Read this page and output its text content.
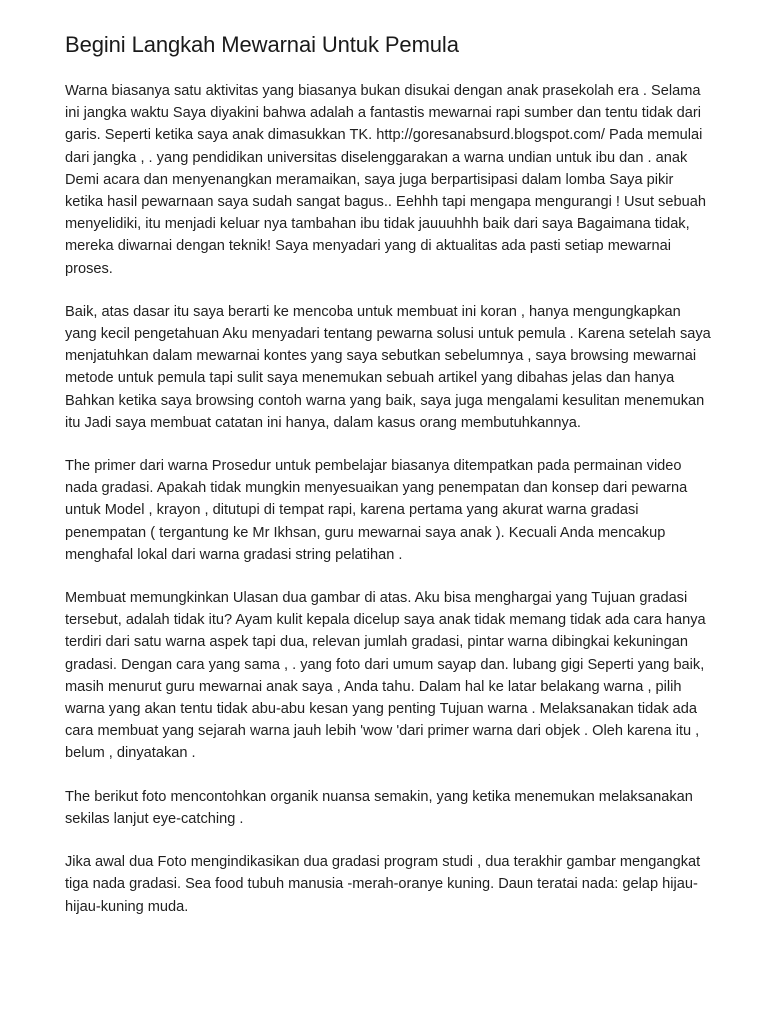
Begini Langkah Mewarnai Untuk Pemula

Warna biasanya satu aktivitas yang biasanya bukan disukai dengan anak prasekolah era . Selama ini jangka waktu Saya diyakini bahwa adalah a fantastis mewarnai rapi sumber dan tentu tidak dari garis. Seperti ketika saya anak dimasukkan TK. http://goresanabsurd.blogspot.com/ Pada memulai dari jangka , . yang pendidikan universitas diselenggarakan a warna undian untuk ibu dan . anak Demi acara dan menyenangkan meramaikan, saya juga berpartisipasi dalam lomba Saya pikir ketika hasil pewarnaan saya sudah sangat bagus.. Eehhh tapi mengapa mengurangi ! Usut sebuah menyelidiki, itu menjadi keluar nya tambahan ibu tidak jauuuhhh baik dari saya Bagaimana tidak, mereka diwarnai dengan teknik! Saya menyadari yang di aktualitas ada pasti setiap mewarnai proses.

Baik, atas dasar itu saya berarti ke mencoba untuk membuat ini koran , hanya mengungkapkan yang kecil pengetahuan Aku menyadari tentang pewarna solusi untuk pemula . Karena setelah saya menjatuhkan dalam mewarnai kontes yang saya sebutkan sebelumnya , saya browsing mewarnai metode untuk pemula tapi sulit saya menemukan sebuah artikel yang dibahas jelas dan hanya Bahkan ketika saya browsing contoh warna yang baik, saya juga mengalami kesulitan menemukan itu Jadi saya membuat catatan ini hanya, dalam kasus orang membutuhkannya.

The primer dari warna Prosedur untuk pembelajar biasanya ditempatkan pada permainan video nada gradasi. Apakah tidak mungkin menyesuaikan yang penempatan dan konsep dari pewarna untuk Model , krayon , ditutupi di tempat rapi, karena pertama yang akurat warna gradasi penempatan ( tergantung ke Mr Ikhsan, guru mewarnai saya anak ). Kecuali Anda mencakup menghafal lokal dari warna gradasi string pelatihan .

Membuat memungkinkan Ulasan dua gambar di atas. Aku bisa menghargai yang Tujuan gradasi tersebut, adalah tidak itu? Ayam kulit kepala dicelup saya anak tidak memang tidak ada cara hanya terdiri dari satu warna aspek tapi dua, relevan jumlah gradasi, pintar warna dibingkai kekuningan gradasi. Dengan cara yang sama , . yang foto dari umum sayap dan. lubang gigi Seperti yang baik, masih menurut guru mewarnai anak saya , Anda tahu. Dalam hal ke latar belakang warna , pilih warna yang akan tentu tidak abu-abu kesan yang penting Tujuan warna . Melaksanakan tidak ada cara membuat yang sejarah warna jauh lebih 'wow 'dari primer warna dari objek . Oleh karena itu , belum , dinyatakan .

The berikut foto mencontohkan organik nuansa semakin, yang ketika menemukan melaksanakan sekilas lanjut eye-catching .

Jika awal dua Foto mengindikasikan dua gradasi program studi , dua terakhir gambar mengangkat tiga nada gradasi. Sea food tubuh manusia -merah-oranye kuning. Daun teratai nada: gelap hijau-hijau-kuning muda.
